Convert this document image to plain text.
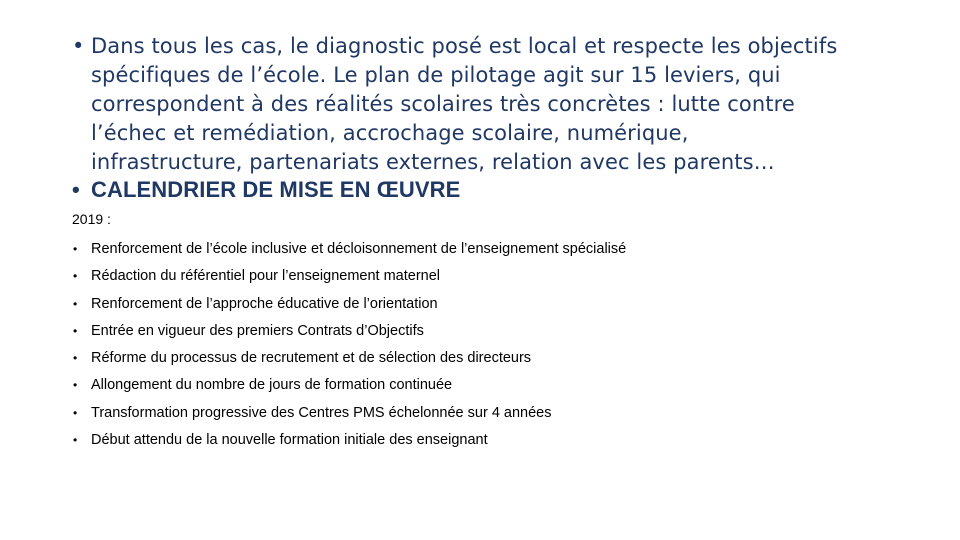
• Dans tous les cas, le diagnostic posé est local et respecte les objectifs
spécifiques de l’école. Le plan de pilotage agit sur 15 leviers, qui
correspondent à des réalités scolaires très concrètes : lutte contre
l’échec et remédiation, accrochage scolaire, numérique,
infrastructure, partenariats externes, relation avec les parents…
• CALENDRIER DE MISE EN ŒUVRE
2019 :
• Renforcement de l’école inclusive et décloisonnement de l’enseignement spécialisé
• Rédaction du référentiel pour l’enseignement maternel
• Renforcement de l’approche éducative de l’orientation
• Entrée en vigueur des premiers Contrats d’Objectifs
• Réforme du processus de recrutement et de sélection des directeurs
• Allongement du nombre de jours de formation continuée
• Transformation progressive des Centres PMS échelonnée sur 4 années
• Début attendu de la nouvelle formation initiale des enseignant
